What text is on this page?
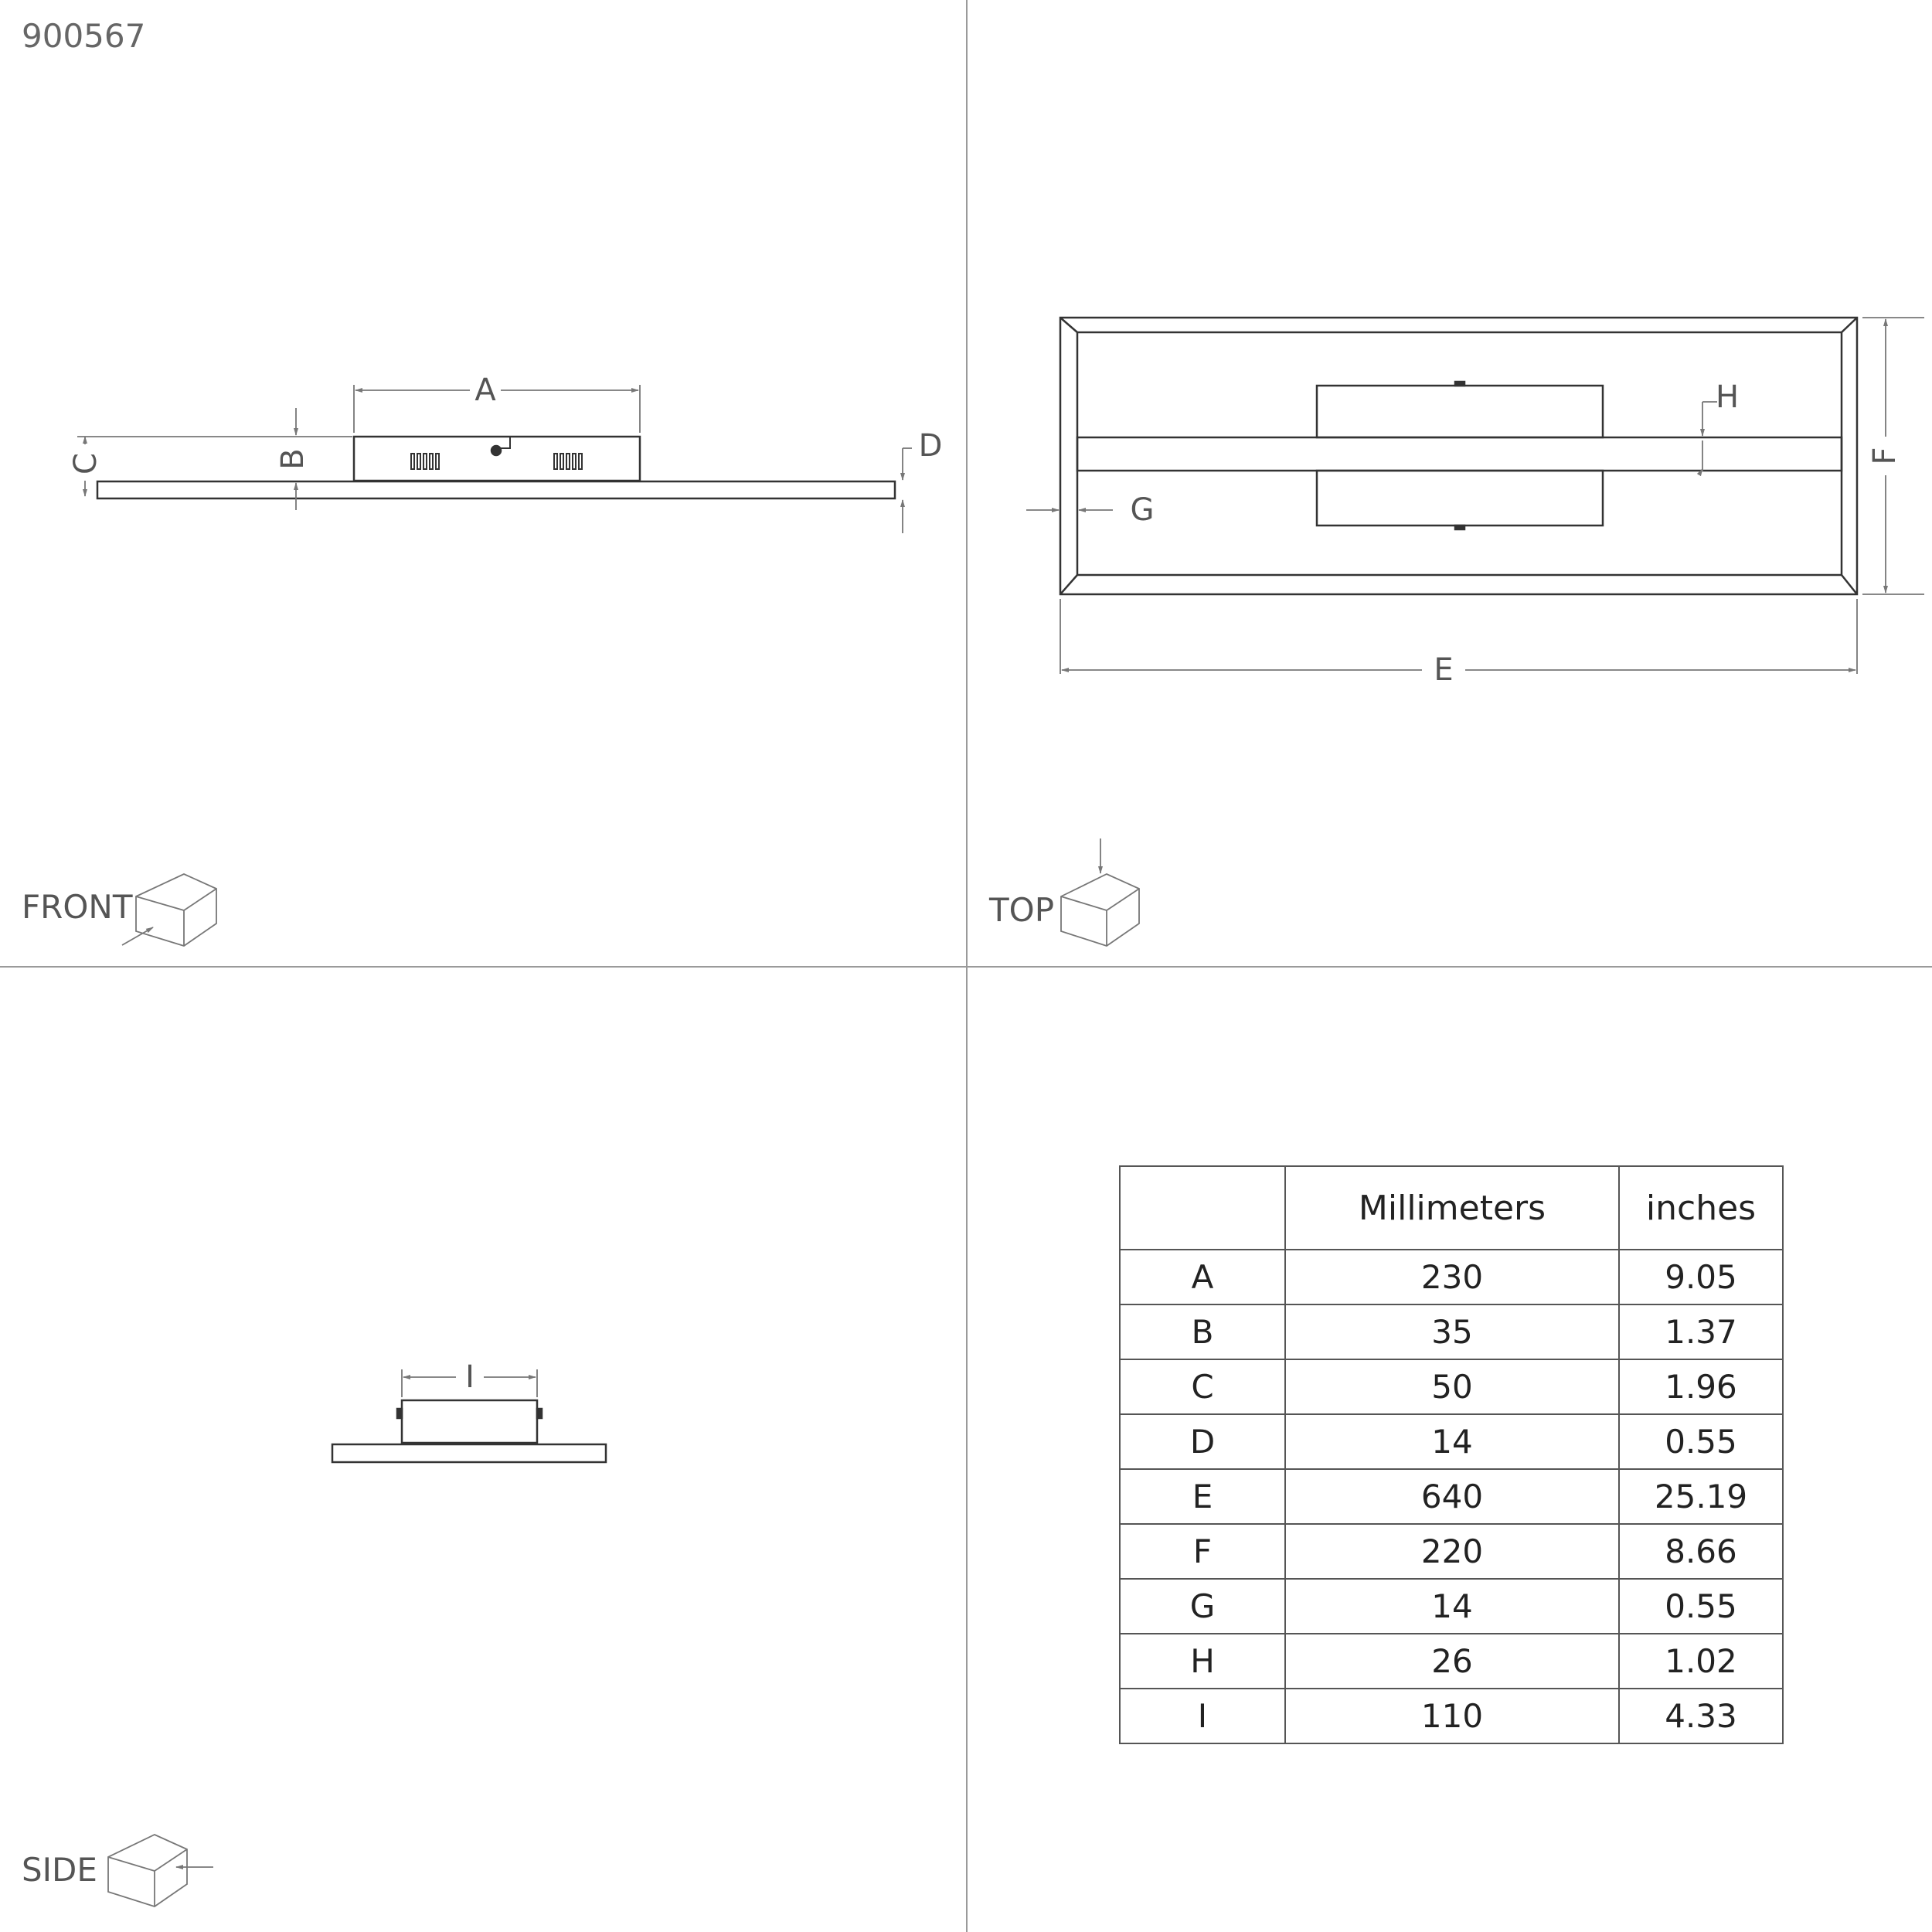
A
B
C	D
FRONT
E
F
G
H
TOP
I
SIDE
900567
	Millimeters	inches
A	230	9.05
B	35	1.37
C	50	1.96
D	14	0.55
E	640	25.19
F	220	8.66
G	14	0.55
H	26	1.02
I	110	4.33
